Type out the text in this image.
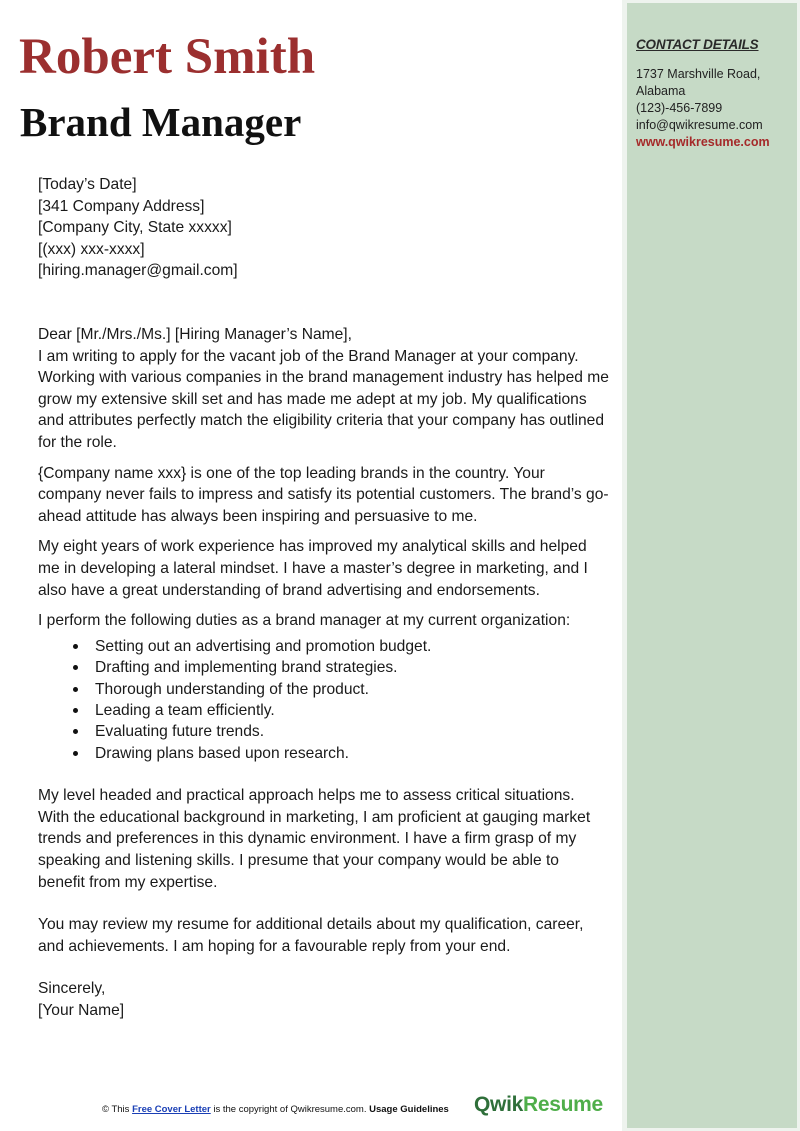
CONTACT DETAILS
1737 Marshville Road,
Alabama
(123)-456-7899
info@qwikresume.com
www.qwikresume.com
Robert Smith
Brand Manager

[Today’s Date]

[341 Company Address]

[Company City, State xxxxx]

[(xxx) xxx-xxxx]

[hiring.manager@gmail.com]

Dear [Mr./Mrs./Ms.] [Hiring Manager’s Name],

I am writing to apply for the vacant job of the Brand Manager at your company. Working with various companies in the brand management industry has helped me grow my extensive skill set and has made me adept at my job. My qualifications and attributes perfectly match the eligibility criteria that your company has outlined for the role.

{Company name xxx} is one of the top leading brands in the country. Your company never fails to impress and satisfy its potential customers. The brand’s go-ahead attitude has always been inspiring and persuasive to me.

My eight years of work experience has improved my analytical skills and helped me in developing a lateral mindset. I have a master’s degree in marketing, and I also have a great understanding of brand advertising and endorsements.

I perform the following duties as a brand manager at my current organization:

Setting out an advertising and promotion budget.
Drafting and implementing brand strategies.
Thorough understanding of the product.
Leading a team efficiently.
Evaluating future trends.
Drawing plans based upon research.

My level headed and practical approach helps me to assess critical situations. With the educational background in marketing, I am proficient at gauging market trends and preferences in this dynamic environment. I have a firm grasp of my speaking and listening skills. I presume that your company would be able to benefit from my expertise.

You may review my resume for additional details about my qualification, career, and achievements. I am hoping for a favourable reply from your end.

Sincerely,

[Your Name]

© This Free Cover Letter is the copyright of Qwikresume.com. Usage Guidelines QwikResume
